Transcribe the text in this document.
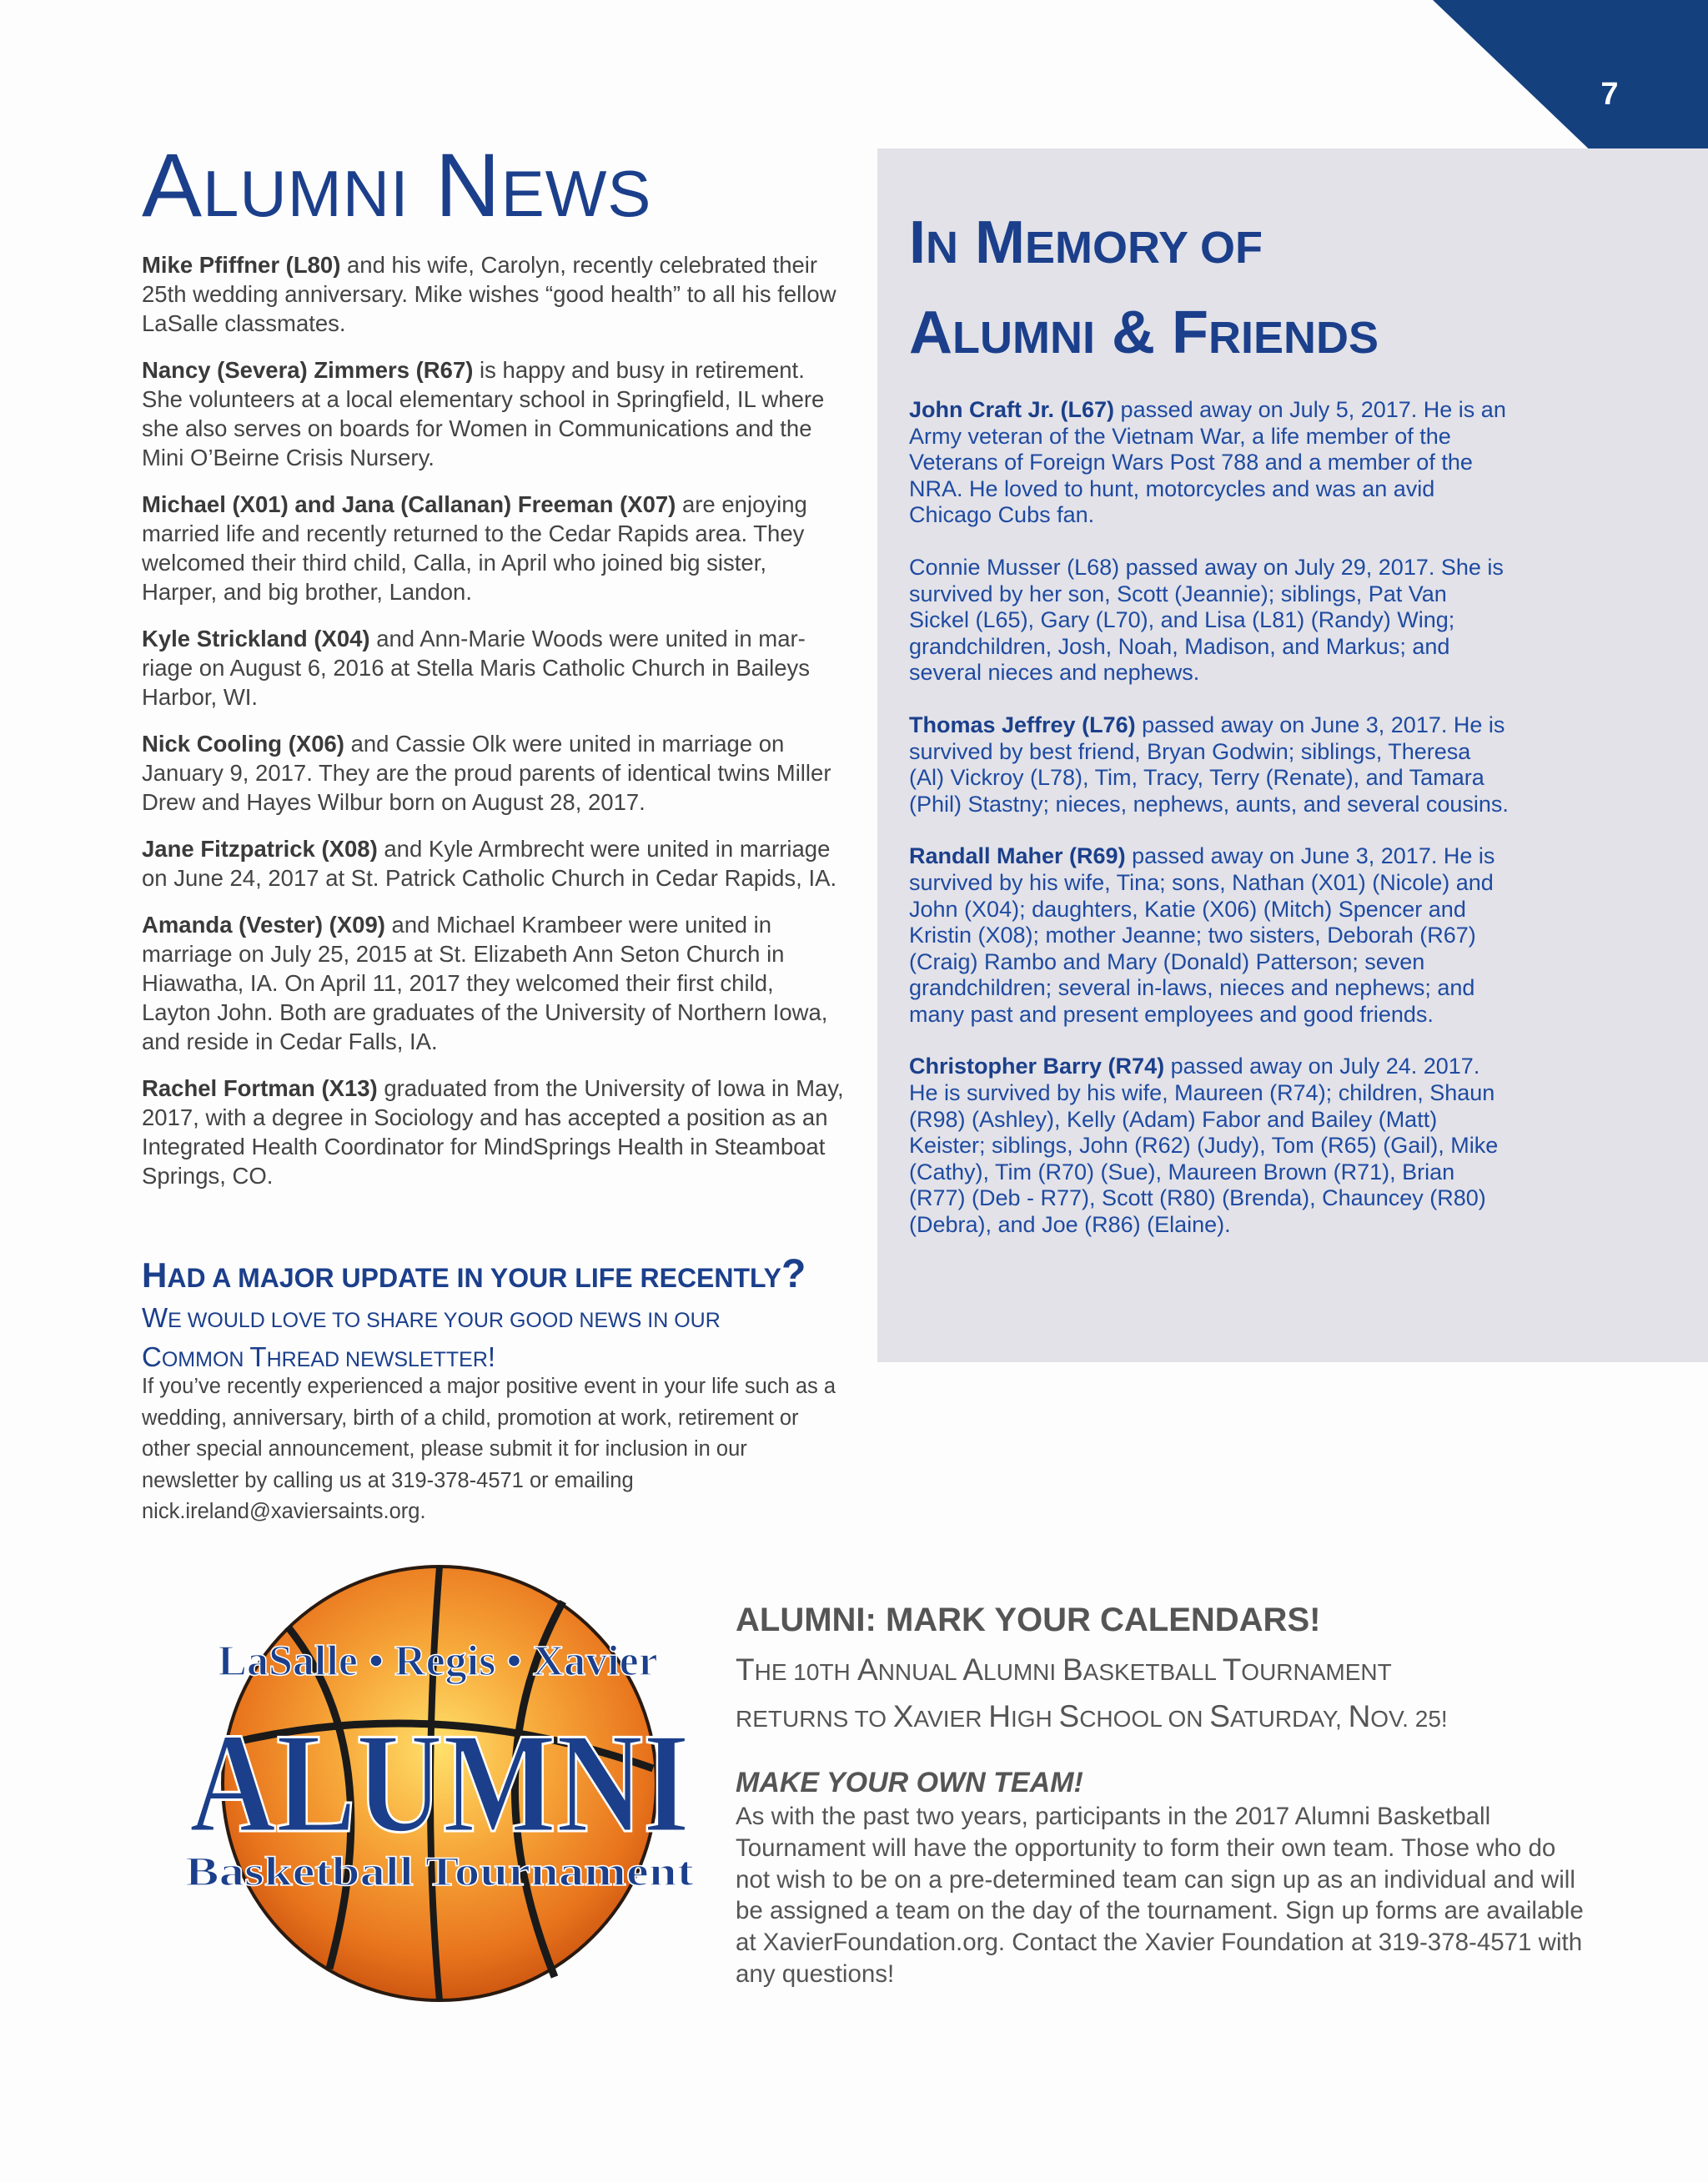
7
ALUMNI NEWS

Mike Pfiffner (L80) and his wife, Carolyn, recently celebrated their 25th wedding anniversary. Mike wishes “good health” to all his fellow LaSalle classmates.

Nancy (Severa) Zimmers (R67) is happy and busy in retirement. She volunteers at a local elementary school in Springfield, IL where she also serves on boards for Women in Communications and the Mini O’Beirne Crisis Nursery.

Michael (X01) and Jana (Callanan) Freeman (X07) are enjoying married life and recently returned to the Cedar Rapids area. They welcomed their third child, Calla, in April who joined big sister, Harper, and big brother, Landon.

Kyle Strickland (X04) and Ann-Marie Woods were united in marriage on August 6, 2016 at Stella Maris Catholic Church in Baileys Harbor, WI.

Nick Cooling (X06) and Cassie Olk were united in marriage on January 9, 2017. They are the proud parents of identical twins Miller Drew and Hayes Wilbur born on August 28, 2017.

Jane Fitzpatrick (X08) and Kyle Armbrecht were united in marriage on June 24, 2017 at St. Patrick Catholic Church in Cedar Rapids, IA.

Amanda (Vester) (X09) and Michael Krambeer were united in marriage on July 25, 2015 at St. Elizabeth Ann Seton Church in Hiawatha, IA. On April 11, 2017 they welcomed their first child, Layton John. Both are graduates of the University of Northern Iowa, and reside in Cedar Falls, IA.

Rachel Fortman (X13) graduated from the University of Iowa in May, 2017, with a degree in Sociology and has accepted a position as an Integrated Health Coordinator for MindSprings Health in Steamboat Springs, CO.

IN MEMORY OF
ALUMNI & FRIENDS

John Craft Jr. (L67) passed away on July 5, 2017. He is an Army veteran of the Vietnam War, a life member of the Veterans of Foreign Wars Post 788 and a member of the NRA. He loved to hunt, motorcycles and was an avid Chicago Cubs fan.

Connie Musser (L68) passed away on July 29, 2017. She is survived by her son, Scott (Jeannie); siblings, Pat Van Sickel (L65), Gary (L70), and Lisa (L81) (Randy) Wing; grandchildren, Josh, Noah, Madison, and Markus; and several nieces and nephews.

Thomas Jeffrey (L76) passed away on June 3, 2017. He is survived by best friend, Bryan Godwin; siblings, Theresa (Al) Vickroy (L78), Tim, Tracy, Terry (Renate), and Tamara (Phil) Stastny; nieces, nephews, aunts, and several cousins.

Randall Maher (R69) passed away on June 3, 2017. He is survived by his wife, Tina; sons, Nathan (X01) (Nicole) and John (X04); daughters, Katie (X06) (Mitch) Spencer and Kristin (X08); mother Jeanne; two sisters, Deborah (R67) (Craig) Rambo and Mary (Donald) Patterson; seven grandchildren; several in-laws, nieces and nephews; and many past and present employees and good friends.

Christopher Barry (R74) passed away on July 24. 2017. He is survived by his wife, Maureen (R74); children, Shaun (R98) (Ashley), Kelly (Adam) Fabor and Bailey (Matt) Keister; siblings, John (R62) (Judy), Tom (R65) (Gail), Mike (Cathy), Tim (R70) (Sue), Maureen Brown (R71), Brian (R77) (Deb - R77), Scott (R80) (Brenda), Chauncey (R80) (Debra), and Joe (R86) (Elaine).

HAD A MAJOR UPDATE IN YOUR LIFE RECENTLY?
WE WOULD LOVE TO SHARE YOUR GOOD NEWS IN OUR
COMMON THREAD NEWSLETTER!
If you’ve recently experienced a major positive event in your life such as a wedding, anniversary, birth of a child, promotion at work, retirement or other special announcement, please submit it for inclusion in our newsletter by calling us at 319-378-4571 or emailing nick.ireland@xaviersaints.org.
LaSalle • Regis • Xavier
ALUMNI
Basketball Tournament
ALUMNI: MARK YOUR CALENDARS!
THE 10TH ANNUAL ALUMNI BASKETBALL TOURNAMENT
RETURNS TO XAVIER HIGH SCHOOL ON SATURDAY, NOV. 25!
MAKE YOUR OWN TEAM!
As with the past two years, participants in the 2017 Alumni Basketball Tournament will have the opportunity to form their own team. Those who do not wish to be on a pre-determined team can sign up as an individual and will be assigned a team on the day of the tournament. Sign up forms are available at XavierFoundation.org. Contact the Xavier Foundation at 319-378-4571 with any questions!
